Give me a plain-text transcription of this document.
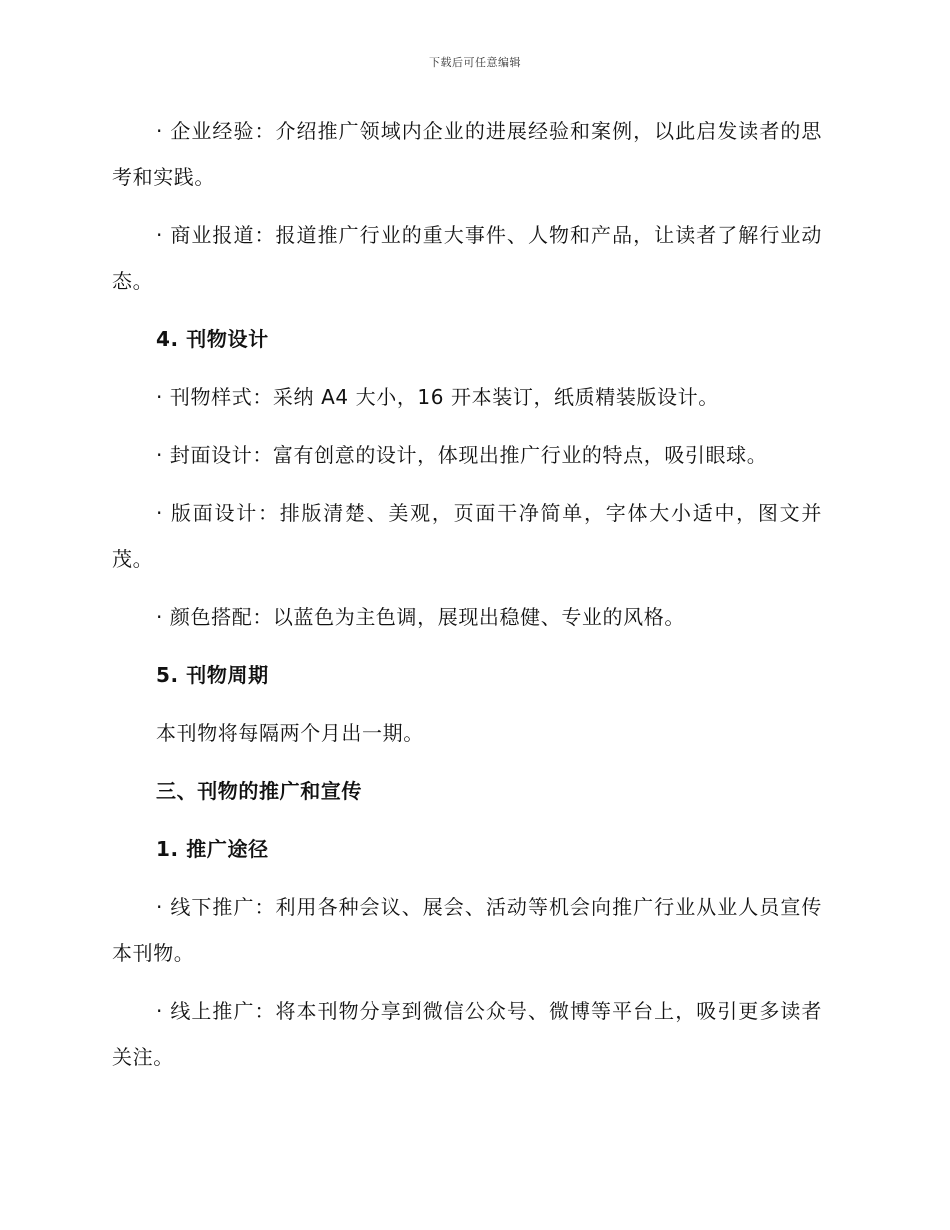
下载后可任意编辑

· 企业经验：介绍推广领域内企业的进展经验和案例，以此启发读者的思考和实践。

· 商业报道：报道推广行业的重大事件、人物和产品，让读者了解行业动态。

4. 刊物设计

· 刊物样式：采纳 A4 大小，16 开本装订，纸质精装版设计。

· 封面设计：富有创意的设计，体现出推广行业的特点，吸引眼球。

· 版面设计：排版清楚、美观，页面干净简单，字体大小适中，图文并茂。

· 颜色搭配：以蓝色为主色调，展现出稳健、专业的风格。

5. 刊物周期

本刊物将每隔两个月出一期。

三、刊物的推广和宣传

1. 推广途径

· 线下推广：利用各种会议、展会、活动等机会向推广行业从业人员宣传本刊物。

· 线上推广：将本刊物分享到微信公众号、微博等平台上，吸引更多读者关注。
